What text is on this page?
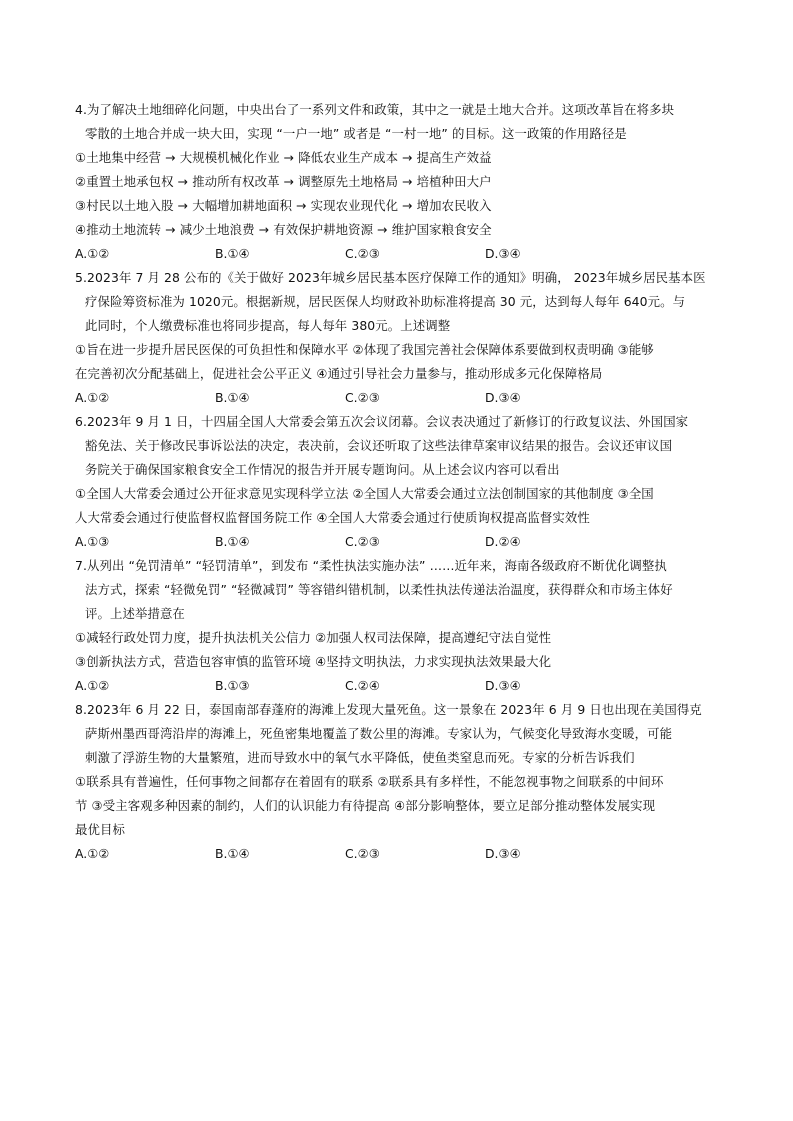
4.为了解决土地细碎化问题，中央出台了一系列文件和政策，其中之一就是土地大合并。这项改革旨在将多块
零散的土地合并成一块大田，实现 “一户一地” 或者是 “一村一地” 的目标。这一政策的作用路径是
①土地集中经营 → 大规模机械化作业 → 降低农业生产成本 → 提高生产效益
②重置土地承包权 → 推动所有权改革 → 调整原先土地格局 → 培植种田大户
③村民以土地入股 → 大幅增加耕地面积 → 实现农业现代化 → 增加农民收入
④推动土地流转 → 减少土地浪费 → 有效保护耕地资源 → 维护国家粮食安全
A.①②	B.①④	C.②③	D.③④
5.2023年 7 月 28 公布的《关于做好 2023年城乡居民基本医疗保障工作的通知》明确， 2023年城乡居民基本医
疗保险筹资标准为 1020元。根据新规，居民医保人均财政补助标准将提高 30 元，达到每人每年 640元。与
此同时，个人缴费标准也将同步提高，每人每年 380元。上述调整
①旨在进一步提升居民医保的可负担性和保障水平 ②体现了我国完善社会保障体系要做到权责明确 ③能够
在完善初次分配基础上，促进社会公平正义 ④通过引导社会力量参与，推动形成多元化保障格局
A.①②	B.①④	C.②③	D.③④
6.2023年 9 月 1 日，十四届全国人大常委会第五次会议闭幕。会议表决通过了新修订的行政复议法、外国国家
豁免法、关于修改民事诉讼法的决定，表决前，会议还听取了这些法律草案审议结果的报告。会议还审议国
务院关于确保国家粮食安全工作情况的报告并开展专题询问。从上述会议内容可以看出
①全国人大常委会通过公开征求意见实现科学立法 ②全国人大常委会通过立法创制国家的其他制度 ③全国
人大常委会通过行使监督权监督国务院工作 ④全国人大常委会通过行使质询权提高监督实效性
A.①③	B.①④	C.②③	D.②④
7.从列出 “免罚清单” “轻罚清单”，到发布 “柔性执法实施办法” ……近年来，海南各级政府不断优化调整执
法方式，探索 “轻微免罚” “轻微减罚” 等容错纠错机制，以柔性执法传递法治温度，获得群众和市场主体好
评。上述举措意在
①减轻行政处罚力度，提升执法机关公信力 ②加强人权司法保障，提高遵纪守法自觉性
③创新执法方式，营造包容审慎的监管环境 ④坚持文明执法，力求实现执法效果最大化
A.①②	B.①③	C.②④	D.③④
8.2023年 6 月 22 日，泰国南部春蓬府的海滩上发现大量死鱼。这一景象在 2023年 6 月 9 日也出现在美国得克
萨斯州墨西哥湾沿岸的海滩上，死鱼密集地覆盖了数公里的海滩。专家认为，气候变化导致海水变暖，可能
刺激了浮游生物的大量繁殖，进而导致水中的氧气水平降低，使鱼类窒息而死。专家的分析告诉我们
①联系具有普遍性，任何事物之间都存在着固有的联系 ②联系具有多样性，不能忽视事物之间联系的中间环
节 ③受主客观多种因素的制约，人们的认识能力有待提高 ④部分影响整体，要立足部分推动整体发展实现
最优目标
A.①②	B.①④	C.②③	D.③④
